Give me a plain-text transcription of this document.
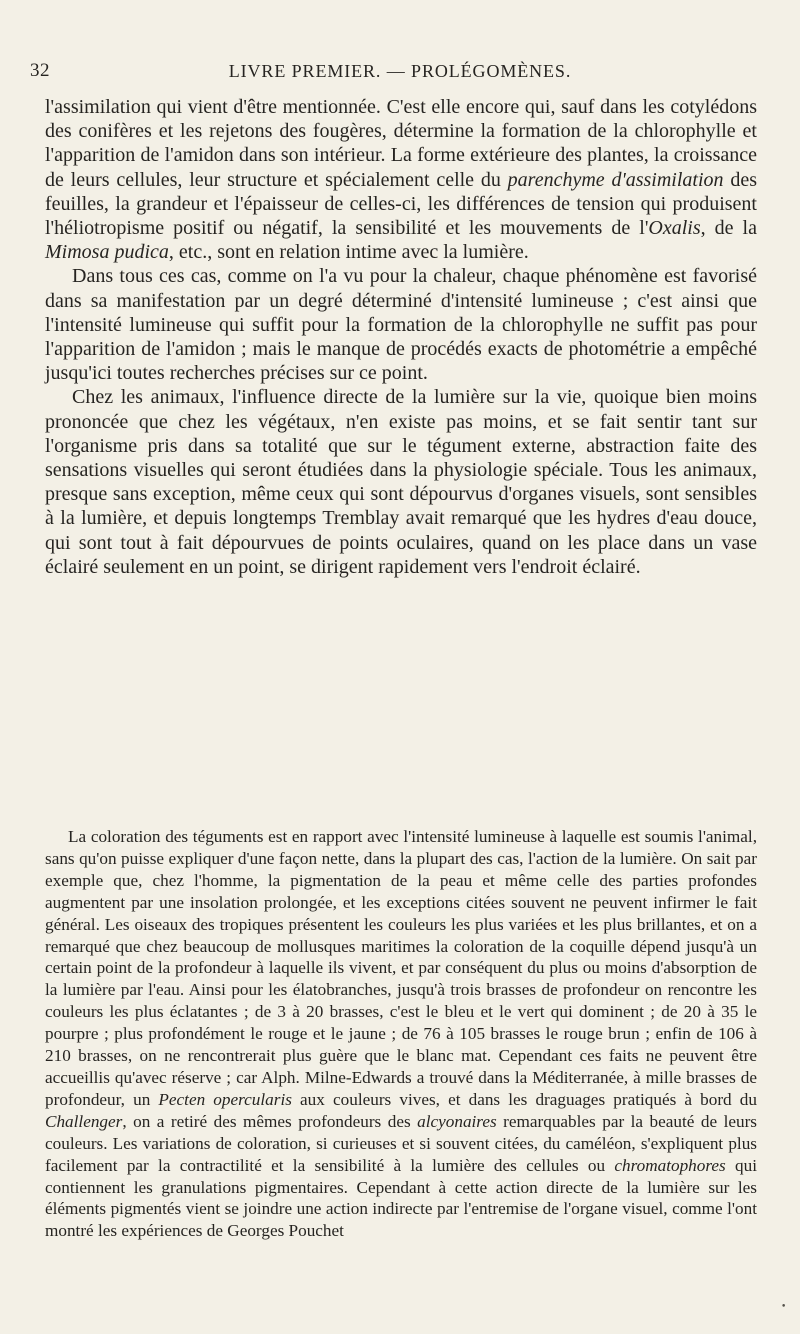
32	LIVRE PREMIER. — PROLÉGOMÈNES.

l'assimilation qui vient d'être mentionnée. C'est elle encore qui, sauf dans les cotylédons des conifères et les rejetons des fougères, détermine la formation de la chlorophylle et l'apparition de l'amidon dans son intérieur. La forme extérieure des plantes, la croissance de leurs cellules, leur structure et spécialement celle du parenchyme d'assimilation des feuilles, la grandeur et l'épaisseur de celles-ci, les différences de tension qui produisent l'héliotropisme positif ou négatif, la sensibilité et les mouvements de l'Oxalis, de la Mimosa pudica, etc., sont en relation intime avec la lumière.

Dans tous ces cas, comme on l'a vu pour la chaleur, chaque phénomène est favorisé dans sa manifestation par un degré déterminé d'intensité lumineuse ; c'est ainsi que l'intensité lumineuse qui suffit pour la formation de la chlorophylle ne suffit pas pour l'apparition de l'amidon ; mais le manque de procédés exacts de photométrie a empêché jusqu'ici toutes recherches précises sur ce point.

Chez les animaux, l'influence directe de la lumière sur la vie, quoique bien moins prononcée que chez les végétaux, n'en existe pas moins, et se fait sentir tant sur l'organisme pris dans sa totalité que sur le tégument externe, abstraction faite des sensations visuelles qui seront étudiées dans la physiologie spéciale. Tous les animaux, presque sans exception, même ceux qui sont dépourvus d'organes visuels, sont sensibles à la lumière, et depuis longtemps Tremblay avait remarqué que les hydres d'eau douce, qui sont tout à fait dépourvues de points oculaires, quand on les place dans un vase éclairé seulement en un point, se dirigent rapidement vers l'endroit éclairé.

La coloration des téguments est en rapport avec l'intensité lumineuse à laquelle est soumis l'animal, sans qu'on puisse expliquer d'une façon nette, dans la plupart des cas, l'action de la lumière. On sait par exemple que, chez l'homme, la pigmentation de la peau et même celle des parties profondes augmentent par une insolation prolongée, et les exceptions citées souvent ne peuvent infirmer le fait général. Les oiseaux des tropiques présentent les couleurs les plus variées et les plus brillantes, et on a remarqué que chez beaucoup de mollusques maritimes la coloration de la coquille dépend jusqu'à un certain point de la profondeur à laquelle ils vivent, et par conséquent du plus ou moins d'absorption de la lumière par l'eau. Ainsi pour les élatobranches, jusqu'à trois brasses de profondeur on rencontre les couleurs les plus éclatantes ; de 3 à 20 brasses, c'est le bleu et le vert qui dominent ; de 20 à 35 le pourpre ; plus profondément le rouge et le jaune ; de 76 à 105 brasses le rouge brun ; enfin de 106 à 210 brasses, on ne rencontrerait plus guère que le blanc mat. Cependant ces faits ne peuvent être accueillis qu'avec réserve ; car Alph. Milne-Edwards a trouvé dans la Méditerranée, à mille brasses de profondeur, un Pecten opercularis aux couleurs vives, et dans les draguages pratiqués à bord du Challenger, on a retiré des mêmes profondeurs des alcyonaires remarquables par la beauté de leurs couleurs. Les variations de coloration, si curieuses et si souvent citées, du caméléon, s'expliquent plus facilement par la contractilité et la sensibilité à la lumière des cellules ou chromatophores qui contiennent les granulations pigmentaires. Cependant à cette action directe de la lumière sur les éléments pigmentés vient se joindre une action indirecte par l'entremise de l'organe visuel, comme l'ont montré les expériences de Georges Pouchet

•
